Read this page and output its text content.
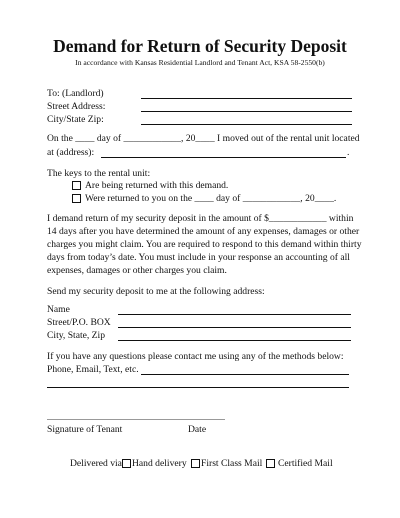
Demand for Return of Security Deposit
In accordance with Kansas Residential Landlord and Tenant Act, KSA 58-2550(b)
To: (Landlord)
Street Address:
City/State Zip:
On the ____ day of ____________, 20____ I moved out of the rental unit located
at (address):	.
The keys to the rental unit:
Are being returned with this demand.
Were returned to you on the ____ day of ____________, 20____.
I demand return of my security deposit in the amount of $____________ within
14 days after you have determined the amount of any expenses, damages or other
charges you might claim. You are required to respond to this demand within thirty
days from today’s date. You must include in your response an accounting of all
expenses, damages or other charges you claim.
Send my security deposit to me at the following address:
Name
Street/P.O. BOX
City, State, Zip
If you have any questions please contact me using any of the methods below:
Phone, Email, Text, etc.
Signature of Tenant	Date
Delivered via Hand delivery First Class Mail Certified Mail
